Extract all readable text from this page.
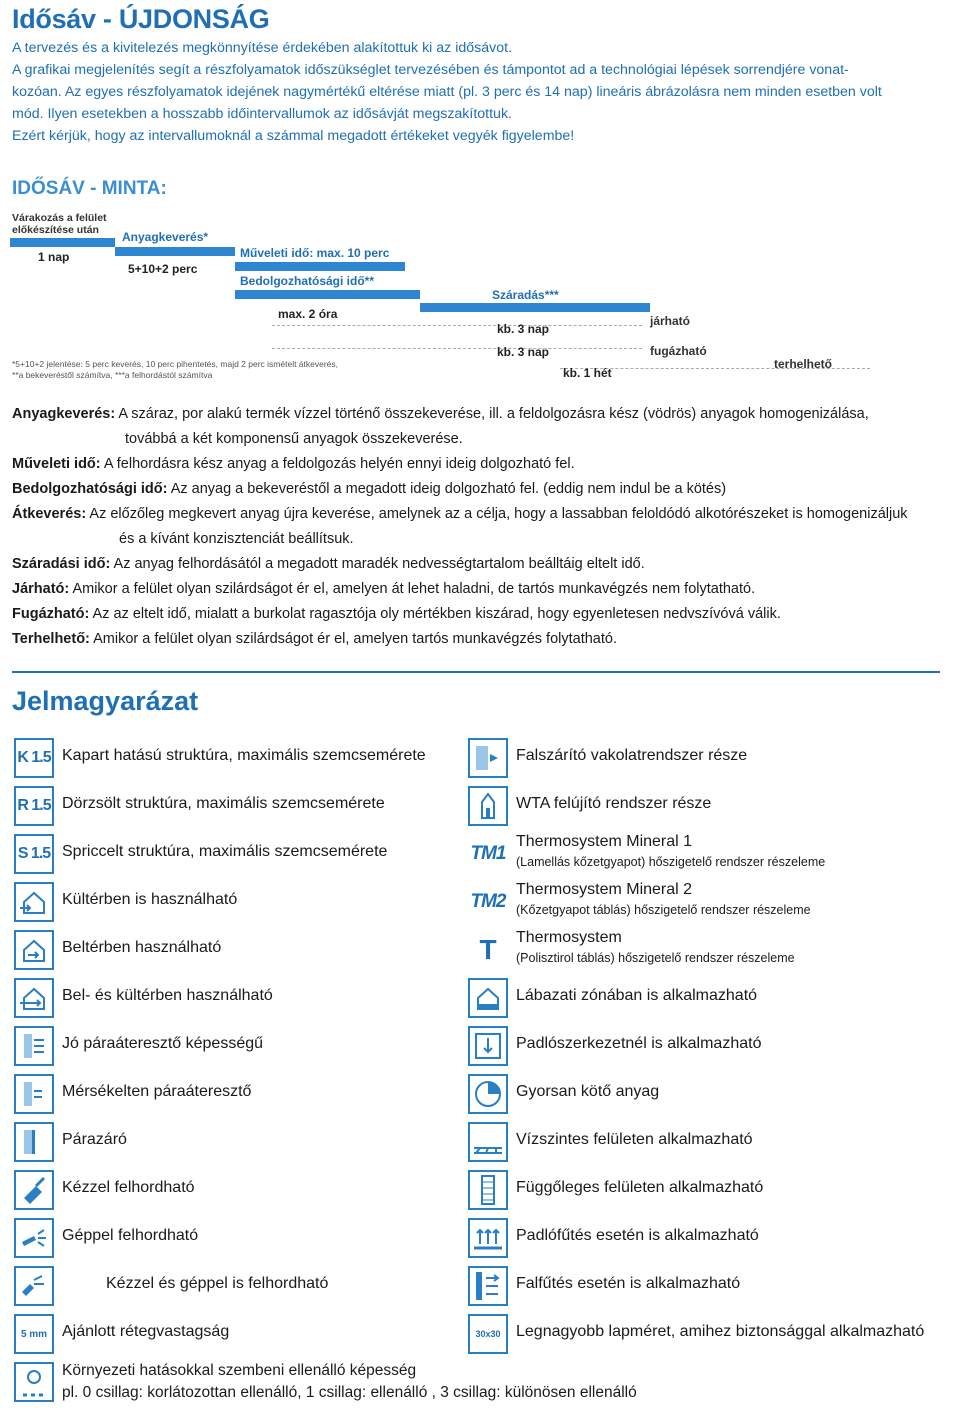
Idősáv - ÚJDONSÁG
A tervezés és a kivitelezés megkönnyítése érdekében alakítottuk ki az idősávot.
A grafikai megjelenítés segít a részfolyamatok időszükséglet tervezésében és támpontot ad a technológiai lépések sorrendjére vonat-
kozóan. Az egyes részfolyamatok idejének nagymértékű eltérése miatt (pl. 3 perc és 14 nap) lineáris ábrázolásra nem minden esetben volt
mód. Ilyen esetekben a hosszabb időintervallumok az idősávját megszakítottuk.
Ezért kérjük, hogy az intervallumoknál a számmal megadott értékeket vegyék figyelembe!
IDŐSÁV - MINTA:
Várakozás a felület
előkészítése után
1 nap
Anyagkeverés*
5+10+2 perc
Műveleti idő: max. 10 perc
Bedolgozhatósági idő**
max. 2 óra
Száradás***
kb. 3 nap
járható
kb. 3 nap	fugázható
kb. 1 hét
terhelhető
*5+10+2 jelentése: 5 perc keverés, 10 perc pihentetés, majd 2 perc ismételt átkeverés,
**a bekeveréstől számítva, ***a felhordástól számítva
Anyagkeverés: A száraz, por alakú termék vízzel történő összekeverése, ill. a feldolgozásra kész (vödrös) anyagok homogenizálása,
továbbá a két komponensű anyagok összekeverése.
Műveleti idő: A felhordásra kész anyag a feldolgozás helyén ennyi ideig dolgozható fel.
Bedolgozhatósági idő: Az anyag a bekeveréstől a megadott ideig dolgozható fel. (eddig nem indul be a kötés)
Átkeverés: Az előzőleg megkevert anyag újra keverése, amelynek az a célja, hogy a lassabban feloldódó alkotórészeket is homogenizáljuk
és a kívánt konzisztenciát beállítsuk.
Száradási idő: Az anyag felhordásától a megadott maradék nedvességtartalom beálltáig eltelt idő.
Járható: Amikor a felület olyan szilárdságot ér el, amelyen át lehet haladni, de tartós munkavégzés nem folytatható.
Fugázható: Az az eltelt idő, mialatt a burkolat ragasztója oly mértékben kiszárad, hogy egyenletesen nedvszívóvá válik.
Terhelhető: Amikor a felület olyan szilárdságot ér el, amelyen tartós munkavégzés folytatható.
Jelmagyarázat
K 1.5 Kapart hatású struktúra, maximális szemcsemérete
R 1.5 Dörzsölt struktúra, maximális szemcsemérete
S 1.5 Spriccelt struktúra, maximális szemcsemérete
Kültérben is használható
Beltérben használható
Bel- és kültérben használható
Jó páraáteresztő képességű
Mérsékelten páraáteresztő
Párazáró
Kézzel felhordható
Géppel felhordható
Kézzel és géppel is felhordható
5 mm Ajánlott rétegvastagság
Falszárító vakolatrendszer része
WTA felújító rendszer része
TM1
Thermosystem Mineral 1
(Lamellás kőzetgyapot) hőszigetelő rendszer részeleme
TM2
Thermosystem Mineral 2
(Kőzetgyapot táblás) hőszigetelő rendszer részeleme
T	Thermosystem
(Polisztirol táblás) hőszigetelő rendszer részeleme
Lábazati zónában is alkalmazható
Padlószerkezetnél is alkalmazható
Gyorsan kötő anyag
Vízszintes felületen alkalmazható
Függőleges felületen alkalmazható
Padlófűtés esetén is alkalmazható
Falfűtés esetén is alkalmazható
30x30 Legnagyobb lapméret, amihez biztonsággal alkalmazható
Környezeti hatásokkal szembeni ellenálló képesség
pl. 0 csillag: korlátozottan ellenálló, 1 csillag: ellenálló , 3 csillag: különösen ellenálló
